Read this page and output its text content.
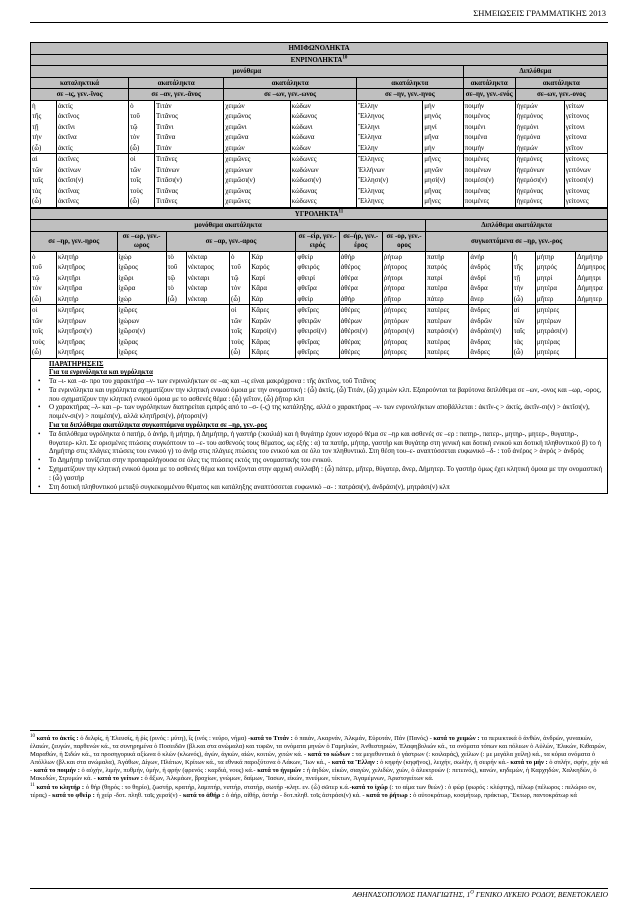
ΣΗΜΕΙΩΣΕΙΣ ΓΡΑΜΜΑΤΙΚΗΣ 2013
ΗΜΙΦΩΝΟΛΗΚΤΑ										
ΕΝΡΙΝΟΛΗΚΤΑ$^{10}$
μονόθεμα								Διπλόθεμα		
καταληκτικά		ακατάληκτα		ακατάληκτα		ακατάληκτα		ακατάληκτα	ακατάληκτα	
σε –ις, γεν.-ῖνος		σε –αν, γεν.-ᾶνος		σε –ων, γεν.-ωνος		σε –ην, γεν.-ηνος		σε–ην, γεν.-ενός	σε–ων, γεν.-ονος	
ἡ	ἀκτίς	ὁ	Τιτάν	χειμών	κώδων	Ἕλλην	μήν	ποιμήν	ἡγεμών	γείτων
τῆς	ἀκτῖνος	τοῦ	Τιτᾶνος	χειμῶνος	κώδωνος	Ἕλληνος	μηνός	ποιμένος	ἡγεμόνος	γείτονος
τῇ	ἀκτῖνι	τῷ	Τιτᾶνι	χειμῶνι	κώδωνι	Ἕλληνι	μηνί	ποιμένι	ἡγεμόνι	γείτονι
τὴν	ἀκτῖνα	τὸν	Τιτᾶνα	χειμῶνα	κώδωνα	Ἕλληνα	μῆνα	ποιμένα	ἡγεμόνα	γείτονα
(ὦ)	ἀκτίς	(ὦ)	Τιτάν	χειμών	κώδων	Ἕλλην	μήν	ποιμήν	ἡγεμών	γεῖτον
αἱ	ἀκτῖνες	οἱ	Τιτᾶνες	χειμῶνες	κώδωνες	Ἕλληνες	μῆνες	ποιμένες	ἡγεμόνες	γείτονες
τῶν	ἀκτίνων	τῶν	Τιτάνων	χειμώνων	κωδώνων	Ἑλλήνων	μηνῶν	ποιμένων	ἡγεμόνων	γειτόνων
ταῖς	ἀκτῖσι(ν)	τοῖς	Τιτᾶσι(ν)	χειμῶσι(ν)	κώδωσι(ν)	Ἕλλησι(ν)	μησί(ν)	ποιμέσι(ν)	ἡγεμόσι(ν)	γείτοσι(ν)
τὰς	ἀκτῖνας	τοὺς	Τιτᾶνας	χειμῶνας	κώδωνας	Ἕλληνας	μῆνας	ποιμένας	ἡγεμόνας	γείτονας
(ὦ)	ἀκτῖνες	(ὦ)	Τιτᾶνες	χειμῶνες	κώδωνες	Ἕλληνες	μῆνες	ποιμένες	ἡγεμόνες	γείτονες
ΥΓΡΟΛΗΚΤΑ$^{11}$
μονόθεμα ακατάληκτα										Διπλόθεμα ακατάληκτα				
σε –ηρ, γεν.-ηρος		σε –ωρ, γεν.-ωρος	σε –αρ, γεν.-αρος				σε –είρ, γεν.-ειρός	σε–ήρ, γεν.-έρος	σε -ορ, γεν.-ορος	συγκοπτόμενα σε –ηρ, γεν.-ρος				
ὁ	κλητήρ	ἰχώρ	τὸ	νέκταρ	ὁ	Κάρ	φθείρ	ἀθήρ	ῥήτωρ	πατήρ	ἀνήρ	ἡ	μήτηρ	Δημήτηρ
τοῦ	κλητῆρος	ἰχῶρος	τοῦ	νέκταρος	τοῦ	Καρός	φθειρός	ἀθέρος	ῥήτορος	πατρός	ἀνδρός	τῆς	μητρός	Δήμητρος
τῷ	κλητῆρι	ἰχῶρι	τῷ	νέκταρι	τῷ	Καρί	φθειρί	ἀθέρα	ῥήτορι	πατρί	ἀνδρί	τῇ	μητρί	Δήμητρι
τὸν	κλητῆρα	ἰχῶρα	τὸ	νέκταρ	τὸν	Κᾶρα	φθεῖρα	ἀθέρα	ῥήτορα	πατέρα	ἄνδρα	τὴν	μητέρα	Δήμητρα
(ὦ)	κλητήρ	ἰχώρ	(ὦ)	νέκταρ	(ὦ)	Κάρ	φθείρ	ἀθήρ	ῥῆτορ	πάτερ	ἄνερ	(ὦ)	μῆτερ	Δήμητερ
οἱ	κλητῆρες	ἰχῶρες			οἱ	Κᾶρες	φθεῖρες	ἀθέρες	ῥήτορες	πατέρες	ἄνδρες	αἱ	μητέρες	
τῶν	κλητήρων	ἰχώρων			τῶν	Καρῶν	φθειρῶν	ἀθέρων	ῥητόρων	πατέρων	ἀνδρῶν	τῶν	μητέρων	
τοῖς	κλητῆρσι(ν)	ἰχῶρσι(ν)			τοῖς	Καρσί(ν)	φθειρσί(ν)	ἀθέρσι(ν)	ῥήτορσι(ν)	πατράσι(ν)	ἀνδράσι(ν)	ταῖς	μητράσι(ν)	
τοὺς	κλητῆρας	ἰχῶρας			τοὺς	Κᾶρας	φθεῖρας	ἀθέρας	ῥήτορας	πατέρας	ἄνδρας	τὰς	μητέρας	
(ὦ)	κλητῆρες	ἰχῶρες			(ὦ)	Κᾶρες	φθεῖρες	ἀθέρες	ῥήτορες	πατέρες	ἄνδρες	(ὦ)	μητέρες	
ΠΑΡΑΤΗΡΗΣΕΙΣ
Για τα ενρινόληκτα και υγρόληκτα
• Τα –ι- και –α- προ του χαρακτήρα –ν- των ενρινολήκτων σε –ας και –ις είναι μακρόχρονα : τῆς ἀκτῖνος, τοῦ Τιτᾶνος
• Τα ενρινόληκτα και υγρόληκτα σχηματίζουν την κλητική ενικού όμοια με την ονομαστική : (ὦ) ἀκτίς, (ὦ) Τιτάν, (ὦ) χειμών κλπ. Εξαιρούνται τα βαρύτονα διπλόθεμα σε –ων, -ονος και –ωρ, -ορος, που σχηματίζουν την κλητική ενικού όμοια με το ασθενές θέμα : (ὦ) γεῖτον, (ὦ) ῥῆτορ κλπ
• Ο χαρακτήρας –λ- και –ρ- των υγρόληκτων διατηρείται εμπρός από το –σ- (-ς) της κατάληξης, αλλά ο χαρακτήρας –ν- των ενρινολήκτων αποβάλλεται : ἀκτῖν-ς > ἀκτίς, ἀκτῖν-σι(ν) > ἀκτῖσι(ν), ποιμέν-σι(ν) > ποιμέσι(ν), αλλά κλητῆρσι(ν), ῥήτορσι(ν)
Για τα διπλόθεμα ακατάληκτα συγκοπτόμενα υγρόληκτα σε –ηρ, γεν.-ρος
• Τα διπλόθεμα υγρόληκτα ὁ πατήρ, ὁ ἀνήρ, ἡ μήτηρ, ἡ Δημήτηρ, ἡ γαστήρ (:κοιλιά) και ἡ θυγάτηρ έχουν ισχυρό θέμα σε –ηρ και ασθενές σε –ερ : πατηρ-, πατερ-, μητηρ-, μητερ-, θυγατηρ-, θυγατερ- κλπ. Σε ορισμένες πτώσεις συγκόπτουν το –ε- του ασθενούς τους θέματος, ως εξής : α) τα πατήρ, μήτηρ, γαστήρ και θυγάτηρ στη γενική και δοτική ενικού και δοτική πληθυντικού β) το ἡ Δημήτηρ στις πλάγιες πτώσεις του ενικού γ) το ἀνήρ στις πλάγιες πτώσεις του ενικού και σε όλο τον πληθυντικό. Στη θέση του–ε- αναπτύσσεται ευφωνικό –δ- : τοῦ ἀνέρος > ἀνρός > ἀνδρός
• Το Δημήτηρ τονίζεται στην προπαραλήγουσα σε όλες τις πτώσεις εκτός της ονομαστικής του ενικού.
• Σχηματίζουν την κλητική ενικού όμοια με το ασθενές θέμα και τονίζονται στην αρχική συλλαβή : (ὦ) πάτερ, μῆτερ, θύγατερ, ἄνερ, Δήμητερ. Το γαστήρ όμως έχει κλητική όμοια με την ονομαστική : (ὦ) γαστήρ
• Στη δοτική πληθυντικού μεταξύ συγκεκομμένου θέματος και κατάληξης αναπτύσσεται ευφωνικό –α- : πατράσι(ν), ἀνδράσι(ν), μητράσι(ν) κλπ
$^{10}$ κατά το ἀκτίς : ὁ δελφίς, ἡ Ἐλευσίς, ἡ ῥίς (ρινός : μύτη), ἴς (ινός : νεύρο, νήμα) -κατά το Τιτάν : ὁ παιάν, Ακαρνάν, Ἀλκμάν, Εὐρυτάν, Πάν (Πανός) - κατά το χειμών : τα περιεκτικά ὁ ἀνθών, ἀνδρών, γυναικών, ἐλαιών, ζευγών, παρθενών κά., τα συνηρημένα ὁ Ποσειδῶν (βλ.και στα ανώμαλα) και τυφῶν, τα ονόματα μηνών ὁ Γαμηλιών, Ἀνθεστηριών, Ἐλαφηβολιών κά., τα ονόματα τόπων και πόλεων ὁ Αὐλών, Ἑλικών, Κιθαιρών, Μαραθών, ἡ Σιδών κά., τα προσηγορικά αξίωνα ὁ κλών (κλωνός), ἀγών, ἀγκών, αἰών, κοιτών, χιτών κά. - κατά το κώδων : τα μεγεθυντικά ὁ γάστρων (: κοιλαράς), χείλων (: με μεγάλα χείλη) κά., τα κύρια ονόματα ὁ Απόλλων (βλ.και στα ανώμαλα), Ἀγάθων, Δίγων, Πλάτων, Κρίτων κά., τα εθνικά παροξύτονα ὁ Λάκων, Ἴων κά., - κατά τα Ἕλλην : ὁ κηφήν (κηφῆνος), λειχήν, σωλήν, ἡ σειρήν κά.- κατά το μήν : ὁ σπλήν, σφήν, χήν κά - κατά το ποιμήν : ὁ αὐχήν, λιμήν, πυθμήν, ὑμήν, ἡ φρήν (φρενός : καρδιά, νους) κά.- κατά το ἡγεμών : ἡ ἀηδών, εἰκών, σιαγών, χελιδών, χιών, ὁ ἀλεκτρυών (: πετεινός), κανών, κηδεμών, ἡ Καρχηδών, Χαλκηδών, ὁ Μακεδών, Στρυμών κά. - κατά το γείτων : ὁ ἄξων, Ἀλκμάων, βραχίων, γνώμων, δαίμων, Ἴασων, εἰκών, πνεύμων, τέκτων, Ἀγαμέμνων, Ἀριστογείτων κά.
$^{11}$ κατά το κλητήρ : ὁ θήρ (θηρός : το θηρίο), ζωστήρ, κρατήρ, λαμπτήρ, νιπτήρ, στατήρ, σωτήρ -κλητ. εν. (ὦ) σῶτερ κ.ά.-κατά το ἰχώρ (: το αίμα των θεών) : ὁ φώρ (φωρός : κλέφτης), πέλωρ (πέλωρος : πελώριο ον, τέρας) - κατά το φθείρ : ἡ χείρ -δοτ. πληθ. ταῖς χερσί(ν) - κατά το ἀθήρ : ὁ ἀήρ, αἰθήρ, ἀστήρ - δοτ.πληθ. τοῖς ἀστράσι(ν) κά. - κατά το ῥήτωρ : ὁ αὐτοκράτωρ, κοσμήτωρ, πράκτωρ, Ἕκτωρ, παντοκράτωρ κά
ΑΘΗΝΑΣΟΠΟΥΛΟΣ ΠΑΝΑΓΙΩΤΗΣ, $1^O$ ΓΕΝΙΚΟ ΛΥΚΕΙΟ ΡΟΔΟΥ, ΒΕΝΕΤΟΚΛΕΙΟ
